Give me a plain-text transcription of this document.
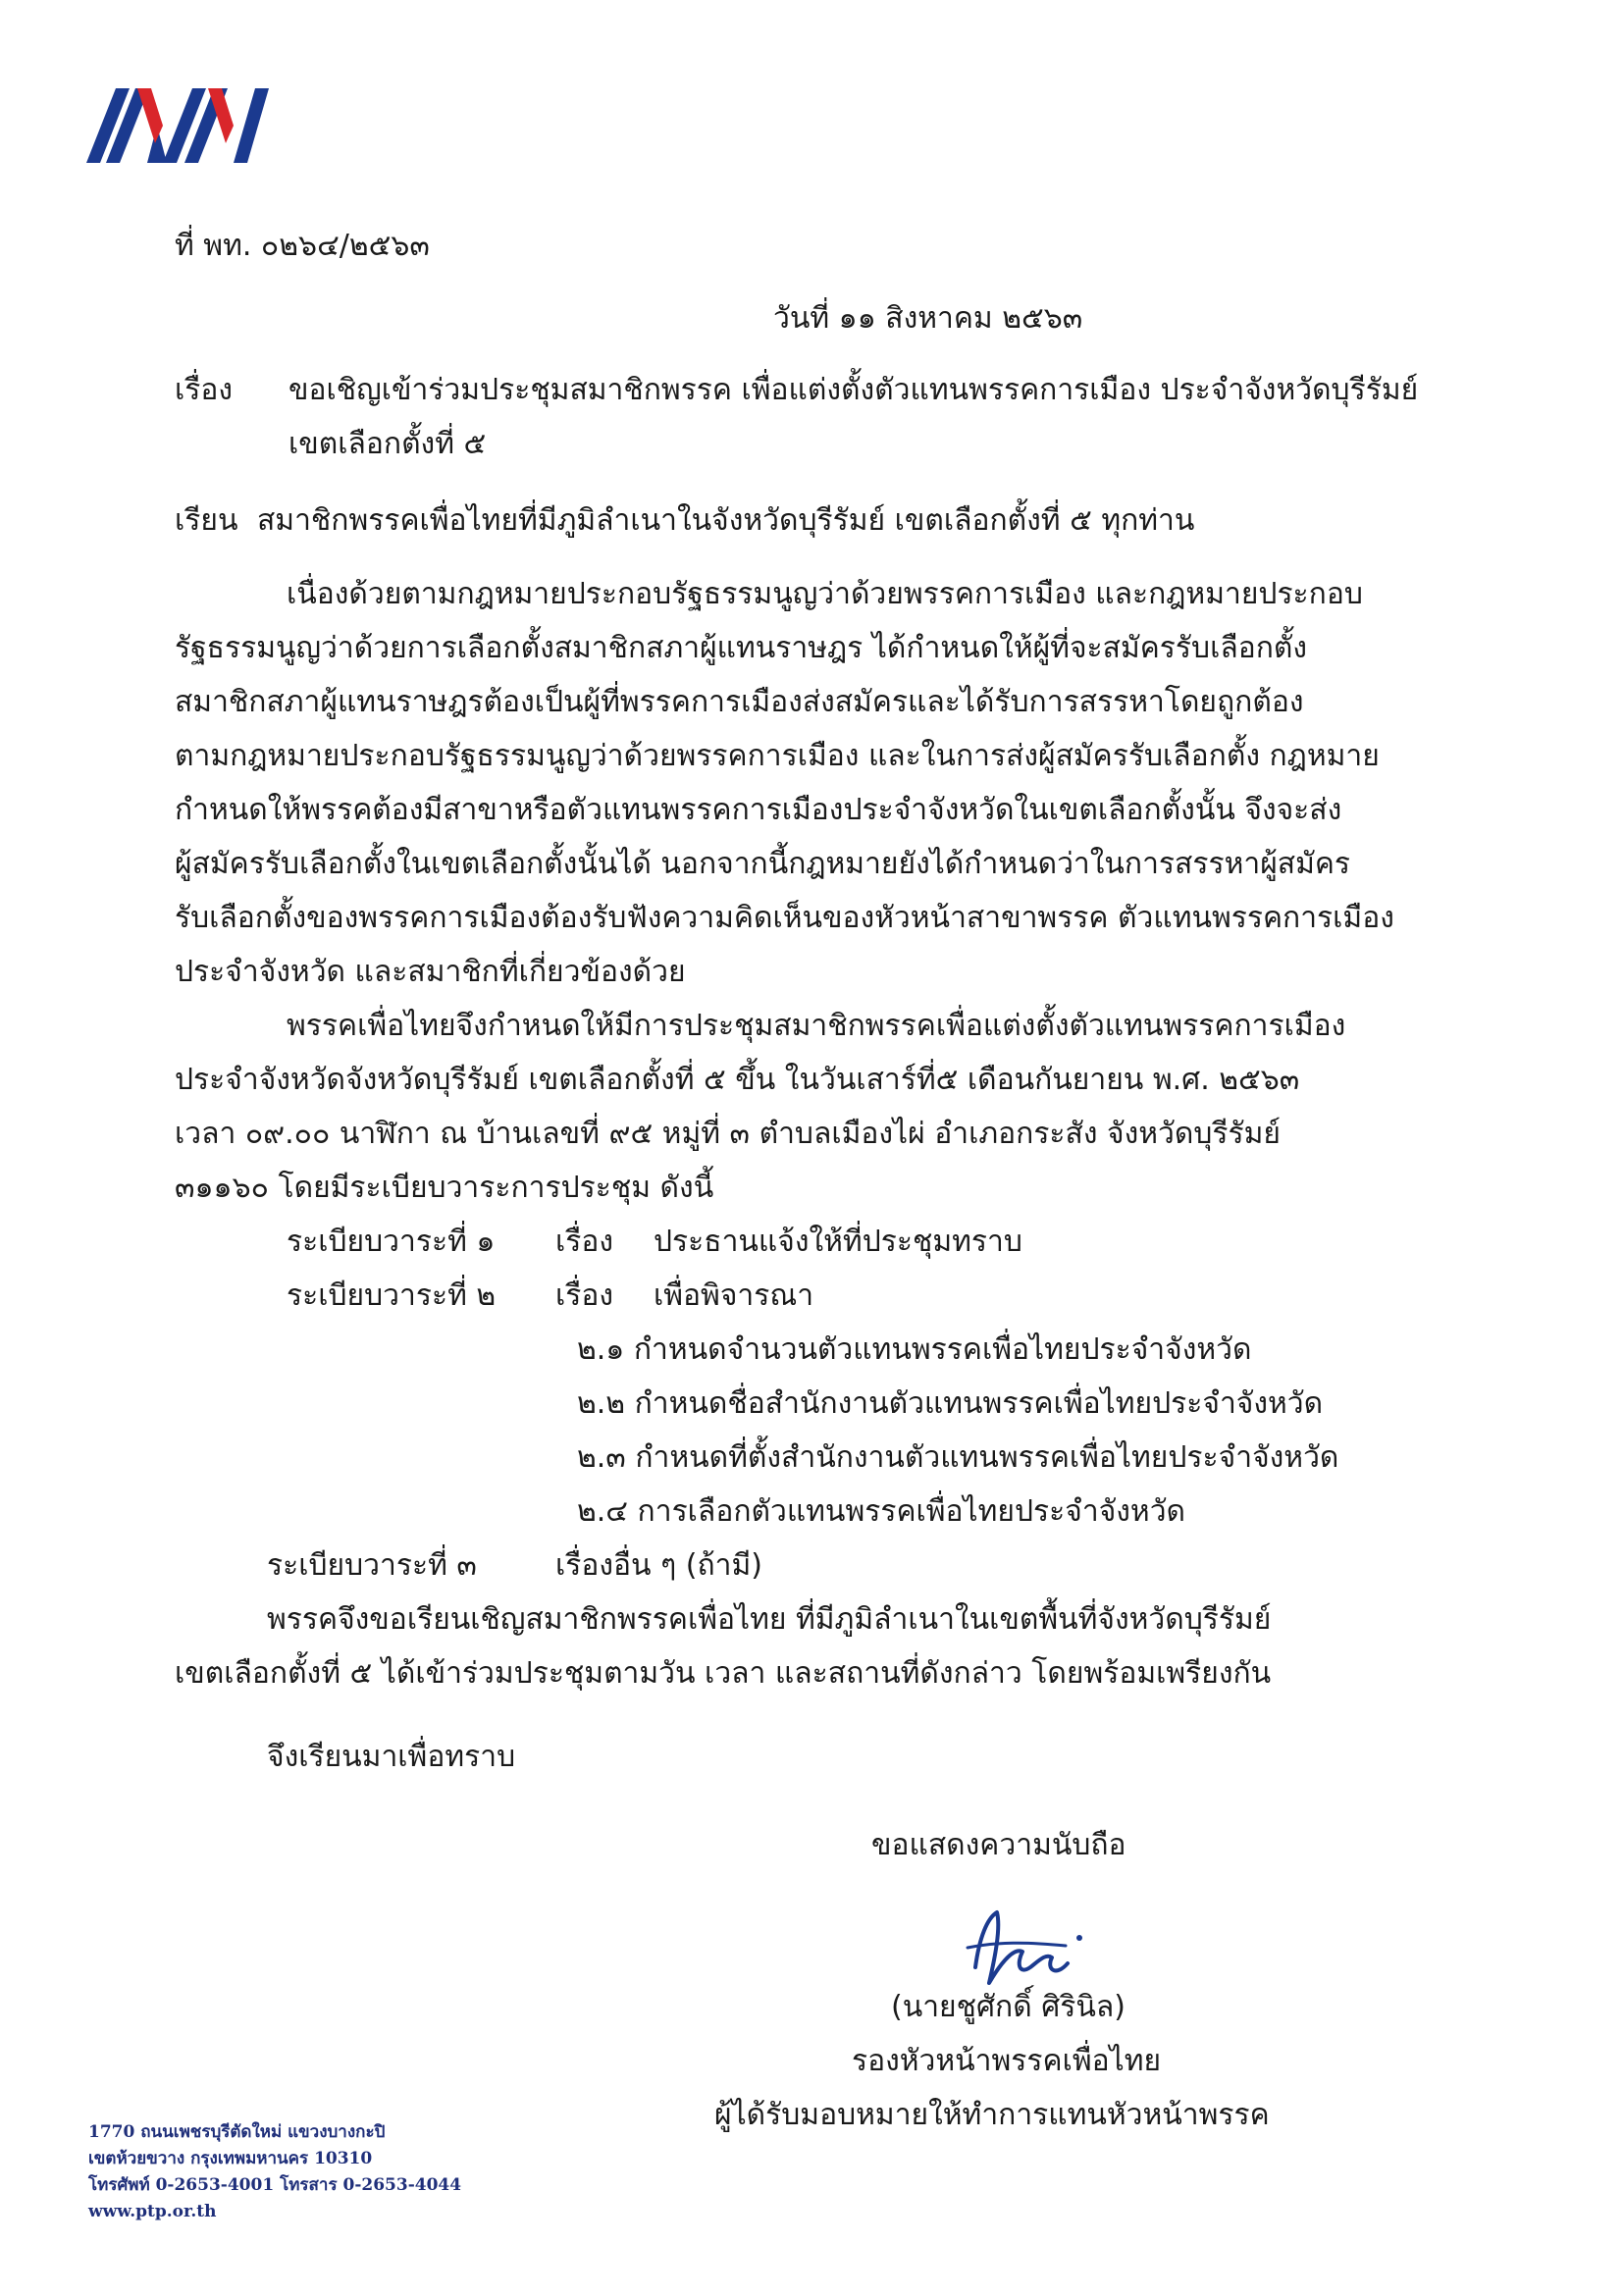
ที่ พท. ๐๒๖๔/๒๕๖๓
วันที่ ๑๑ สิงหาคม ๒๕๖๓
เรื่อง ขอเชิญเข้าร่วมประชุมสมาชิกพรรค เพื่อแต่งตั้งตัวแทนพรรคการเมือง ประจำจังหวัดบุรีรัมย์
เขตเลือกตั้งที่ ๕
เรียน สมาชิกพรรคเพื่อไทยที่มีภูมิลำเนาในจังหวัดบุรีรัมย์ เขตเลือกตั้งที่ ๕ ทุกท่าน
เนื่องด้วยตามกฎหมายประกอบรัฐธรรมนูญว่าด้วยพรรคการเมือง และกฎหมายประกอบ
รัฐธรรมนูญว่าด้วยการเลือกตั้งสมาชิกสภาผู้แทนราษฎร ได้กำหนดให้ผู้ที่จะสมัครรับเลือกตั้ง
สมาชิกสภาผู้แทนราษฎรต้องเป็นผู้ที่พรรคการเมืองส่งสมัครและได้รับการสรรหาโดยถูกต้อง
ตามกฎหมายประกอบรัฐธรรมนูญว่าด้วยพรรคการเมือง และในการส่งผู้สมัครรับเลือกตั้ง กฎหมาย
กำหนดให้พรรคต้องมีสาขาหรือตัวแทนพรรคการเมืองประจำจังหวัดในเขตเลือกตั้งนั้น จึงจะส่ง
ผู้สมัครรับเลือกตั้งในเขตเลือกตั้งนั้นได้ นอกจากนี้กฎหมายยังได้กำหนดว่าในการสรรหาผู้สมัคร
รับเลือกตั้งของพรรคการเมืองต้องรับฟังความคิดเห็นของหัวหน้าสาขาพรรค ตัวแทนพรรคการเมือง
ประจำจังหวัด และสมาชิกที่เกี่ยวข้องด้วย
พรรคเพื่อไทยจึงกำหนดให้มีการประชุมสมาชิกพรรคเพื่อแต่งตั้งตัวแทนพรรคการเมือง
ประจำจังหวัดจังหวัดบุรีรัมย์ เขตเลือกตั้งที่ ๕ ขึ้น ในวันเสาร์ที่๕ เดือนกันยายน พ.ศ. ๒๕๖๓
เวลา ๐๙.๐๐ นาฬิกา ณ บ้านเลขที่ ๙๕ หมู่ที่ ๓ ตำบลเมืองไผ่ อำเภอกระสัง จังหวัดบุรีรัมย์
๓๑๑๖๐ โดยมีระเบียบวาระการประชุม ดังนี้
ระเบียบวาระที่ ๑ เรื่อง ประธานแจ้งให้ที่ประชุมทราบ
ระเบียบวาระที่ ๒ เรื่อง เพื่อพิจารณา
๒.๑ กำหนดจำนวนตัวแทนพรรคเพื่อไทยประจำจังหวัด
๒.๒ กำหนดชื่อสำนักงานตัวแทนพรรคเพื่อไทยประจำจังหวัด
๒.๓ กำหนดที่ตั้งสำนักงานตัวแทนพรรคเพื่อไทยประจำจังหวัด
๒.๔ การเลือกตัวแทนพรรคเพื่อไทยประจำจังหวัด
ระเบียบวาระที่ ๓	เรื่องอื่น ๆ (ถ้ามี)
พรรคจึงขอเรียนเชิญสมาชิกพรรคเพื่อไทย ที่มีภูมิลำเนาในเขตพื้นที่จังหวัดบุรีรัมย์
เขตเลือกตั้งที่ ๕ ได้เข้าร่วมประชุมตามวัน เวลา และสถานที่ดังกล่าว โดยพร้อมเพรียงกัน
จึงเรียนมาเพื่อทราบ
ขอแสดงความนับถือ
(นายชูศักดิ์ ศิรินิล)
รองหัวหน้าพรรคเพื่อไทย
ผู้ได้รับมอบหมายให้ทำการแทนหัวหน้าพรรค
1770 ถนนเพชรบุรีตัดใหม่ แขวงบางกะปิ
เขตห้วยขวาง กรุงเทพมหานคร 10310
โทรศัพท์ 0-2653-4001 โทรสาร 0-2653-4044
www.ptp.or.th
